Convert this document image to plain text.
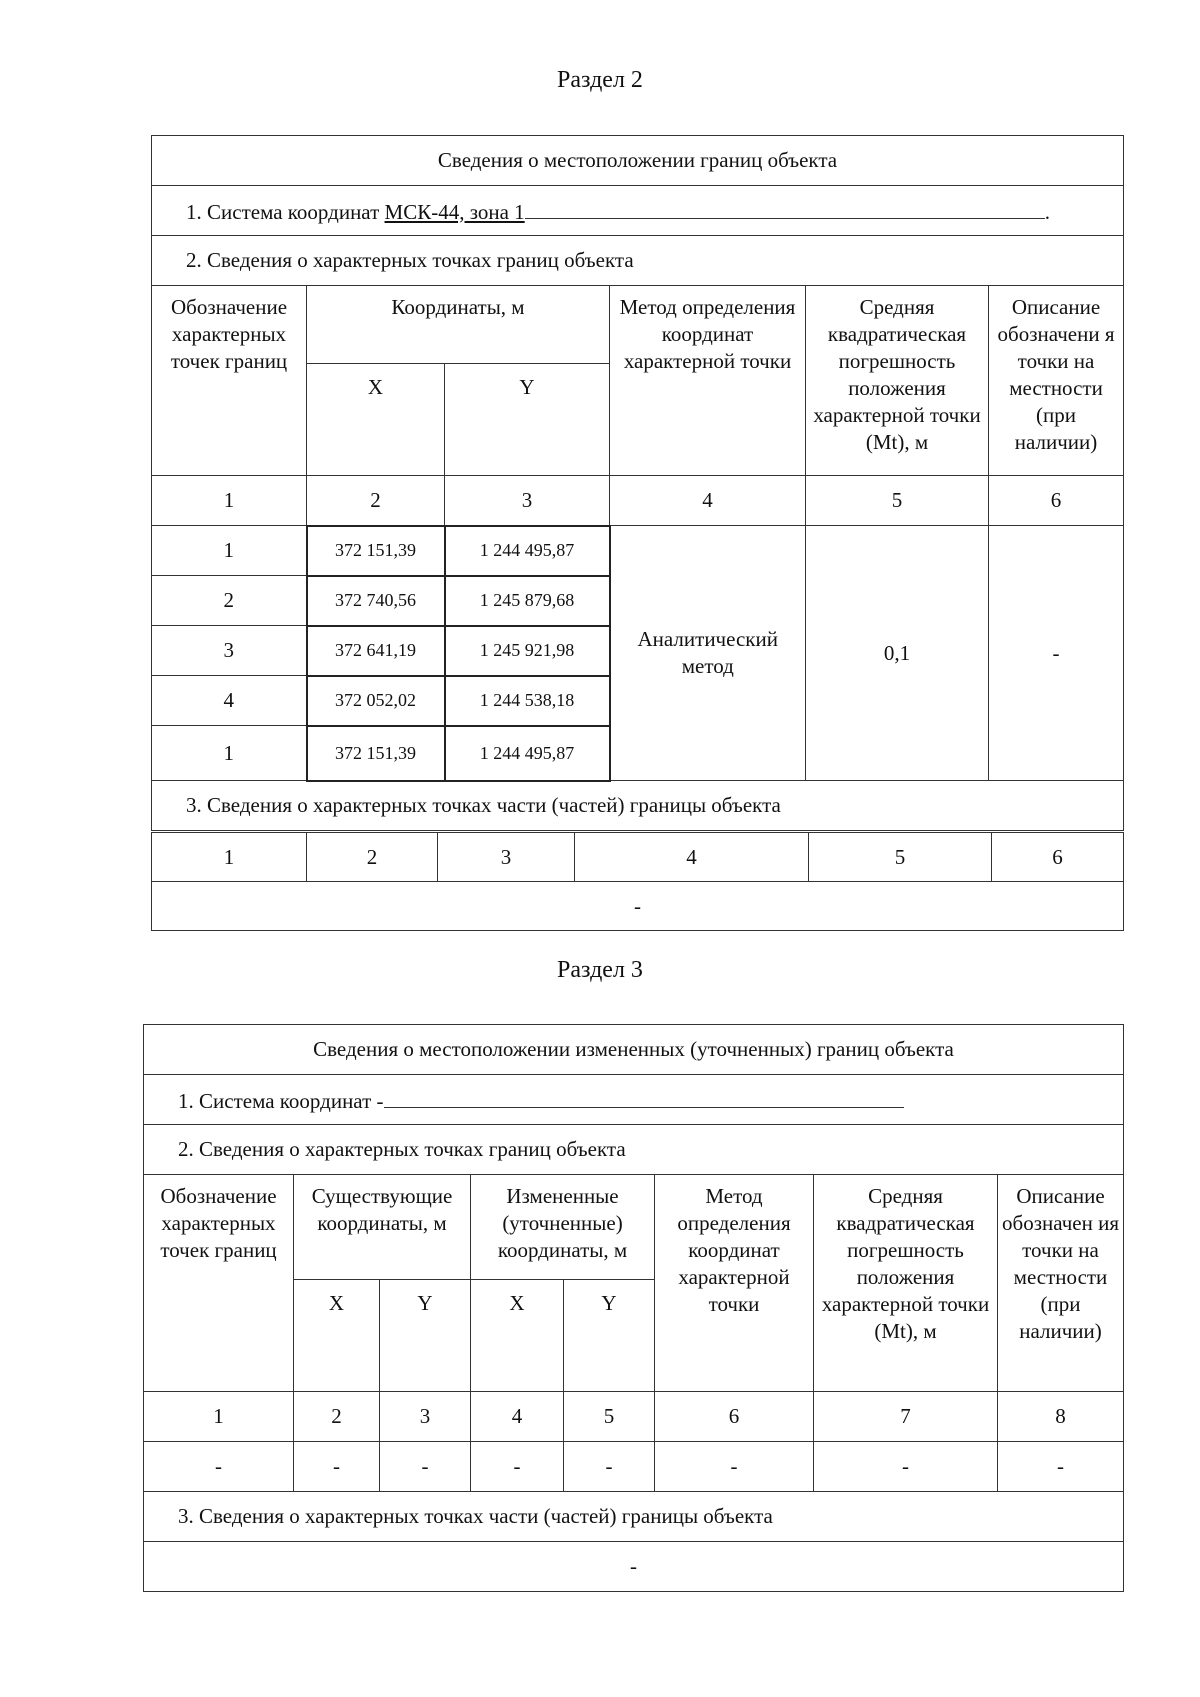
Раздел 2
Сведения о местоположении границ объекта					
1. Система координат МСК-44, зона 1 .					
2. Сведения о характерных точках границ объекта					
Обозначение характерных точек границ	Координаты, м		Метод определения координат характерной точки	Средняя квадратическая погрешность положения характерной точки (Mt), м	Описание обозначени я точки на местности (при наличии)
	X	Y			
1	2	3	4	5	6
1	372 151,39	1 244 495,87	Аналитический метод	0,1	-
2	372 740,56	1 245 879,68			
3	372 641,19	1 245 921,98			
4	372 052,02	1 244 538,18			
1	372 151,39	1 244 495,87			
3. Сведения о характерных точках части (частей) границы объекта					
1	2	3	4	5	6
-
Раздел 3
Сведения о местоположении измененных (уточненных) границ объекта							
1. Система координат -							
2. Сведения о характерных точках границ объекта							
Обозначение характерных точек границ	Существующие координаты, м		Измененные (уточненные) координаты, м		Метод определения координат характерной точки	Средняя квадратическая погрешность положения характерной точки (Mt), м	Описание обозначен ия точки на местности (при наличии)
	X	Y	X	Y			
1	2	3	4	5	6	7	8
-	-	-	-	-	-	-	-
3. Сведения о характерных точках части (частей) границы объекта							
-							
